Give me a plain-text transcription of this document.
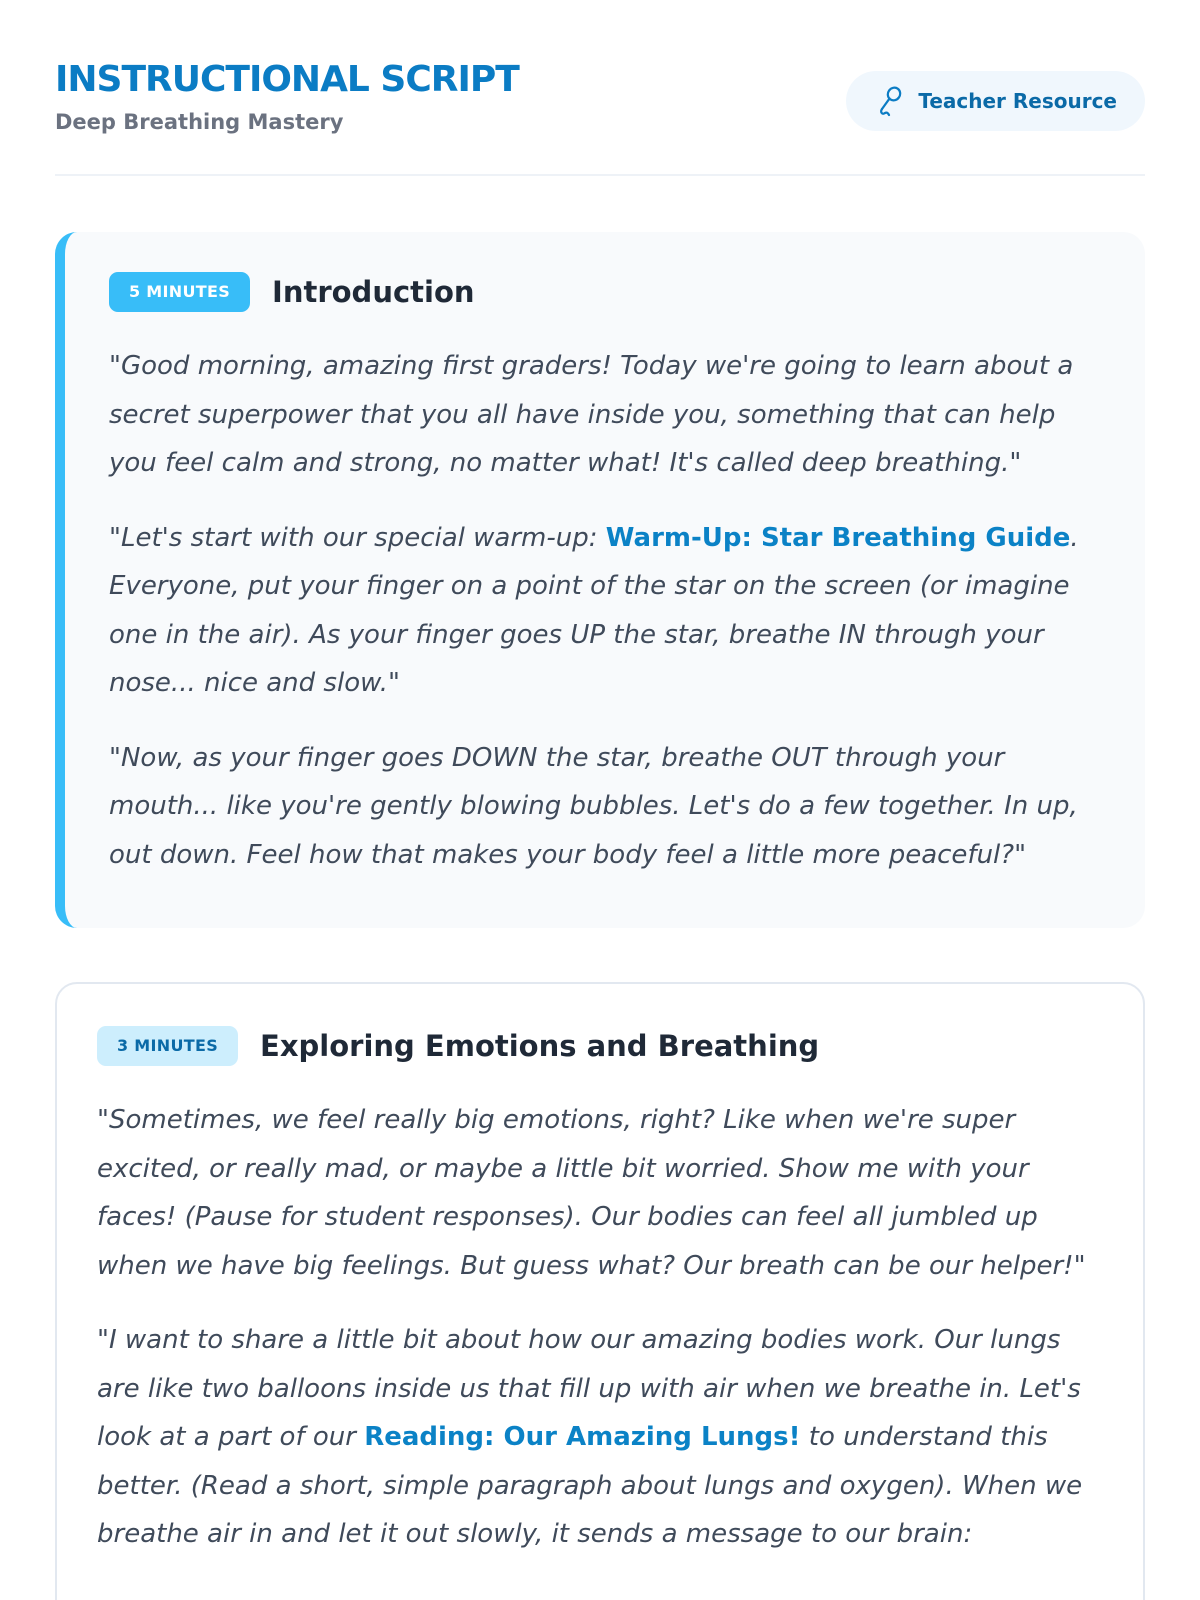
INSTRUCTIONAL SCRIPT
Deep Breathing Mastery
Teacher Resource
5 MINUTES	Introduction

"Good morning, amazing first graders! Today we're going to learn about a secret superpower that you all have inside you, something that can help you feel calm and strong, no matter what! It's called deep breathing."

"Let's start with our special warm-up: Warm-Up: Star Breathing Guide. Everyone, put your finger on a point of the star on the screen (or imagine one in the air). As your finger goes UP the star, breathe IN through your nose... nice and slow."

"Now, as your finger goes DOWN the star, breathe OUT through your mouth... like you're gently blowing bubbles. Let's do a few together. In up, out down. Feel how that makes your body feel a little more peaceful?"

3 MINUTES	Exploring Emotions and Breathing

"Sometimes, we feel really big emotions, right? Like when we're super excited, or really mad, or maybe a little bit worried. Show me with your faces! (Pause for student responses). Our bodies can feel all jumbled up when we have big feelings. But guess what? Our breath can be our helper!"

"I want to share a little bit about how our amazing bodies work. Our lungs are like two balloons inside us that fill up with air when we breathe in. Let's look at a part of our Reading: Our Amazing Lungs! to understand this better. (Read a short, simple paragraph about lungs and oxygen). When we breathe air in and let it out slowly, it sends a message to our brain:
